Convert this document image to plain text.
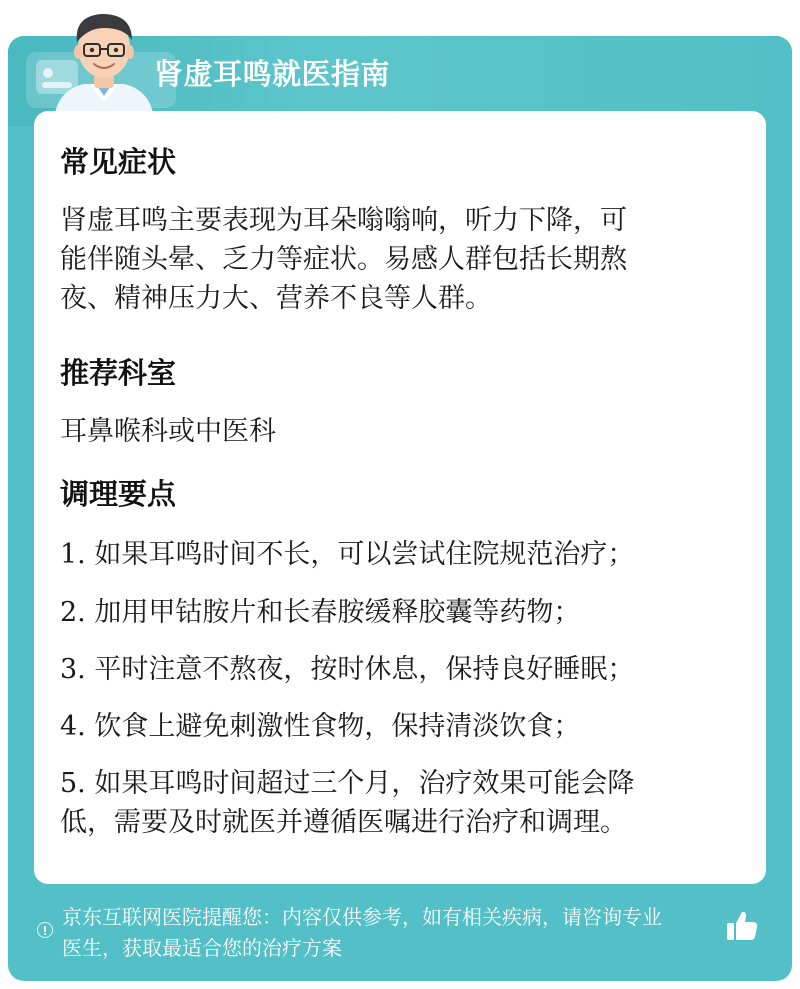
肾虚耳鸣就医指南
常见症状
肾虚耳鸣主要表现为耳朵嗡嗡响，听力下降，可
能伴随头晕、乏力等症状。易感人群包括长期熬
夜、精神压力大、营养不良等人群。
推荐科室
耳鼻喉科或中医科
调理要点
1. 如果耳鸣时间不长，可以尝试住院规范治疗；
2. 加用甲钴胺片和长春胺缓释胶囊等药物；
3. 平时注意不熬夜，按时休息，保持良好睡眠；
4. 饮食上避免刺激性食物，保持清淡饮食；
5. 如果耳鸣时间超过三个月，治疗效果可能会降
低，需要及时就医并遵循医嘱进行治疗和调理。
京东互联网医院提醒您：内容仅供参考，如有相关疾病，请咨询专业
医生，获取最适合您的治疗方案
